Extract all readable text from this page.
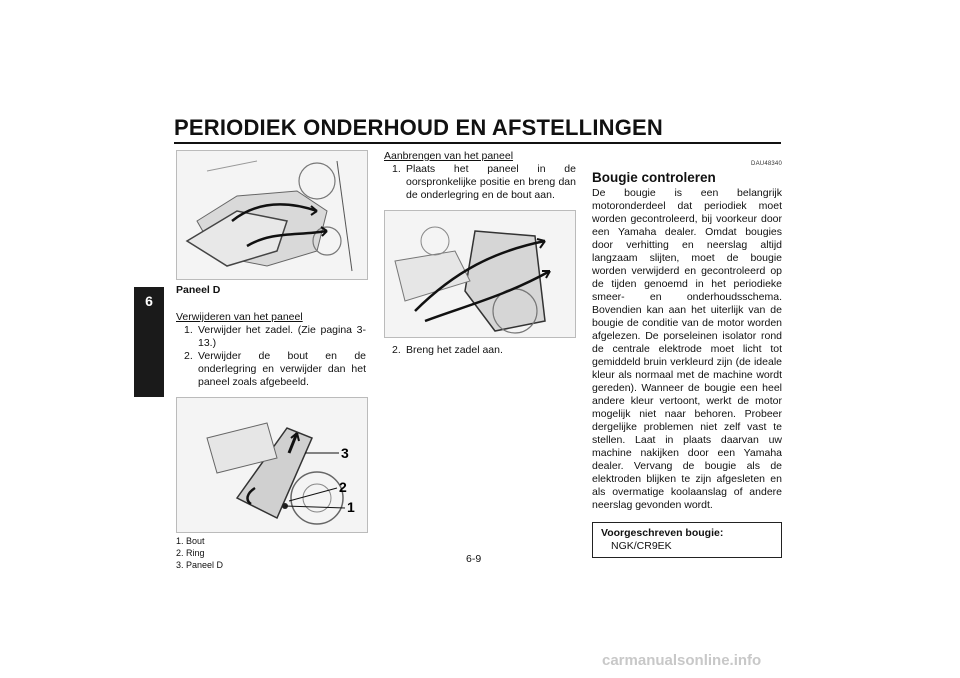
PERIODIEK ONDERHOUD EN AFSTELLINGEN
6
Paneel D

Verwijderen van het paneel

1. Verwijder het zadel. (Zie pagina 3-13.)
2. Verwijder de bout en de onderlegring en verwijder dan het paneel zoals afgebeeld.
1
2
3
1. Bout
2. Ring
3. Paneel D

Aanbrengen van het paneel

1. Plaats het paneel in de oorspronkelijke positie en breng dan de onderlegring en de bout aan.
2. Breng het zadel aan.
DAU48340
Bougie controleren

De bougie is een belangrijk motoronderdeel dat periodiek moet worden gecontroleerd, bij voorkeur door een Yamaha dealer. Omdat bougies door verhitting en neerslag altijd langzaam slijten, moet de bougie worden verwijderd en gecontroleerd op de tijden genoemd in het periodieke smeer- en onderhoudsschema. Bovendien kan aan het uiterlijk van de bougie de conditie van de motor worden afgelezen. De porseleinen isolator rond de centrale elektrode moet licht tot gemiddeld bruin verkleurd zijn (de ideale kleur als normaal met de machine wordt gereden). Wanneer de bougie een heel andere kleur vertoont, werkt de motor mogelijk niet naar behoren. Probeer dergelijke problemen niet zelf vast te stellen. Laat in plaats daarvan uw machine nakijken door een Yamaha dealer. Vervang de bougie als de elektroden blijken te zijn afgesleten en als overmatige koolaanslag of andere neerslag gevonden wordt.

Voorgeschreven bougie:
NGK/CR9EK
6-9
carmanualsonline.info
